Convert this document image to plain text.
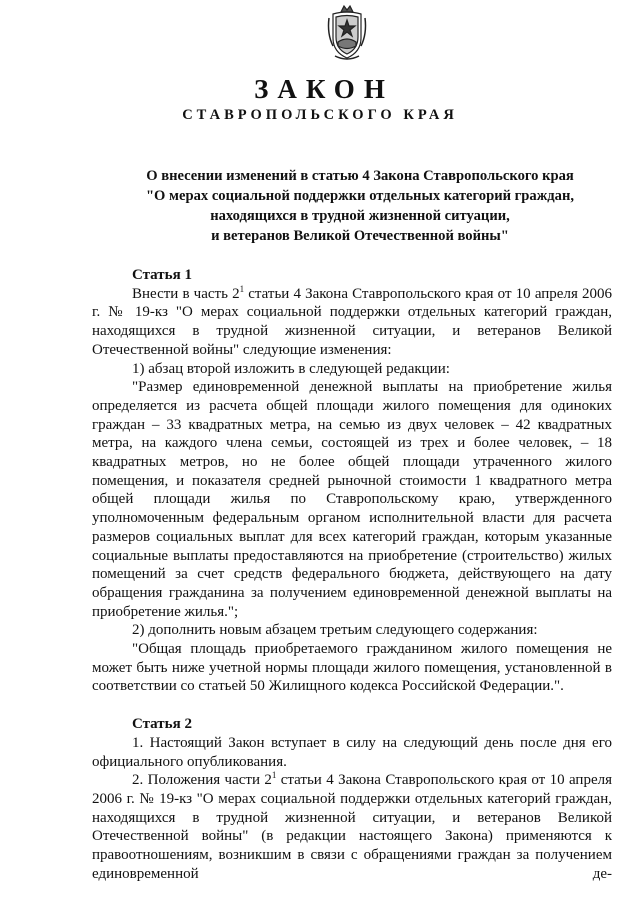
ЗАКОН
СТАВРОПОЛЬСКОГО КРАЯ
О внесении изменений в статью 4 Закона Ставропольского края
"О мерах социальной поддержки отдельных категорий граждан,
находящихся в трудной жизненной ситуации,
и ветеранов Великой Отечественной войны"
Статья 1

Внести в часть $2^1$ статьи 4 Закона Ставропольского края от 10 апреля 2006 г. № 19-кз "О мерах социальной поддержки отдельных категорий граждан, находящихся в трудной жизненной ситуации, и ветеранов Великой Отечественной войны" следующие изменения:

1) абзац второй изложить в следующей редакции:

"Размер единовременной денежной выплаты на приобретение жилья определяется из расчета общей площади жилого помещения для одиноких граждан – 33 квадратных метра, на семью из двух человек – 42 квадратных метра, на каждого члена семьи, состоящей из трех и более человек, – 18 квадратных метров, но не более общей площади утраченного жилого помещения, и показателя средней рыночной стоимости 1 квадратного метра общей площади жилья по Ставропольскому краю, утвержденного уполномоченным федеральным органом исполнительной власти для расчета размеров социальных выплат для всех категорий граждан, которым указанные социальные выплаты предоставляются на приобретение (строительство) жилых помещений за счет средств федерального бюджета, действующего на дату обращения гражданина за получением единовременной денежной выплаты на приобретение жилья.";

2) дополнить новым абзацем третьим следующего содержания:

"Общая площадь приобретаемого гражданином жилого помещения не может быть ниже учетной нормы площади жилого помещения, установленной в соответствии со статьей 50 Жилищного кодекса Российской Федерации.".

Статья 2

1. Настоящий Закон вступает в силу на следующий день после дня его официального опубликования.

2. Положения части $2^1$ статьи 4 Закона Ставропольского края от 10 апреля 2006 г. № 19-кз "О мерах социальной поддержки отдельных категорий граждан, находящихся в трудной жизненной ситуации, и ветеранов Великой Отечественной войны" (в редакции настоящего Закона) применяются к правоотношениям, возникшим в связи с обращениями граждан за получением единовременной де-
